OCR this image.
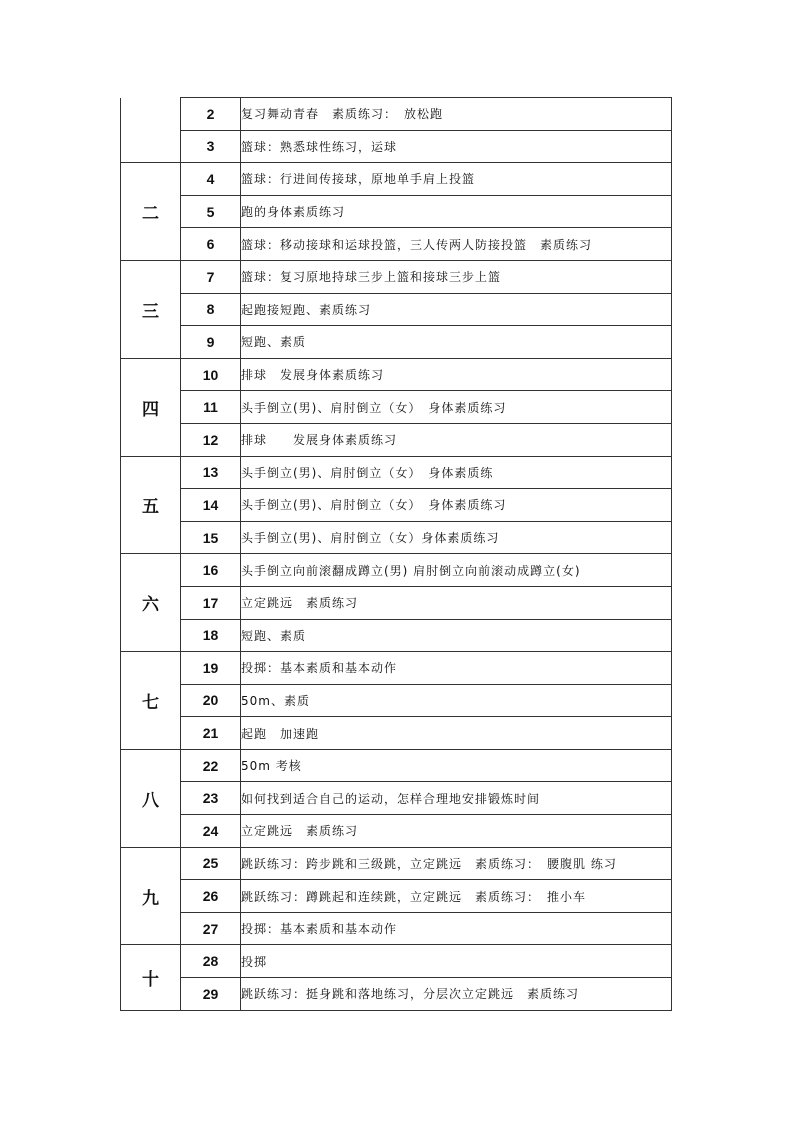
	2	复习舞动青春　素质练习：　放松跑
	3	篮球：熟悉球性练习，运球
二	4	篮球：行进间传接球，原地单手肩上投篮
	5	跑的身体素质练习
	6	篮球：移动接球和运球投篮，三人传两人防接投篮　素质练习
三	7	篮球：复习原地持球三步上篮和接球三步上篮
	8	起跑接短跑、素质练习
	9	短跑、素质
四	10	排球　发展身体素质练习
	11	头手倒立(男)、肩肘倒立（女）　身体素质练习
	12	排球　　发展身体素质练习
五	13	头手倒立(男)、肩肘倒立（女）　身体素质练
	14	头手倒立(男)、肩肘倒立（女）　身体素质练习
	15	头手倒立(男)、肩肘倒立（女）身体素质练习
六	16	头手倒立向前滚翻成蹲立(男) 肩肘倒立向前滚动成蹲立(女)
	17	立定跳远　素质练习
	18	短跑、素质
七	19	投掷：基本素质和基本动作
	20	50m、素质
	21	起跑　加速跑
八	22	50m 考核
	23	如何找到适合自己的运动，怎样合理地安排锻炼时间
	24	立定跳远　素质练习
九	25	跳跃练习：跨步跳和三级跳，立定跳远　素质练习：　腰腹肌 练习
	26	跳跃练习：蹲跳起和连续跳，立定跳远　素质练习：　推小车
	27	投掷：基本素质和基本动作
十	28	投掷
	29	跳跃练习：挺身跳和落地练习，分层次立定跳远　素质练习
